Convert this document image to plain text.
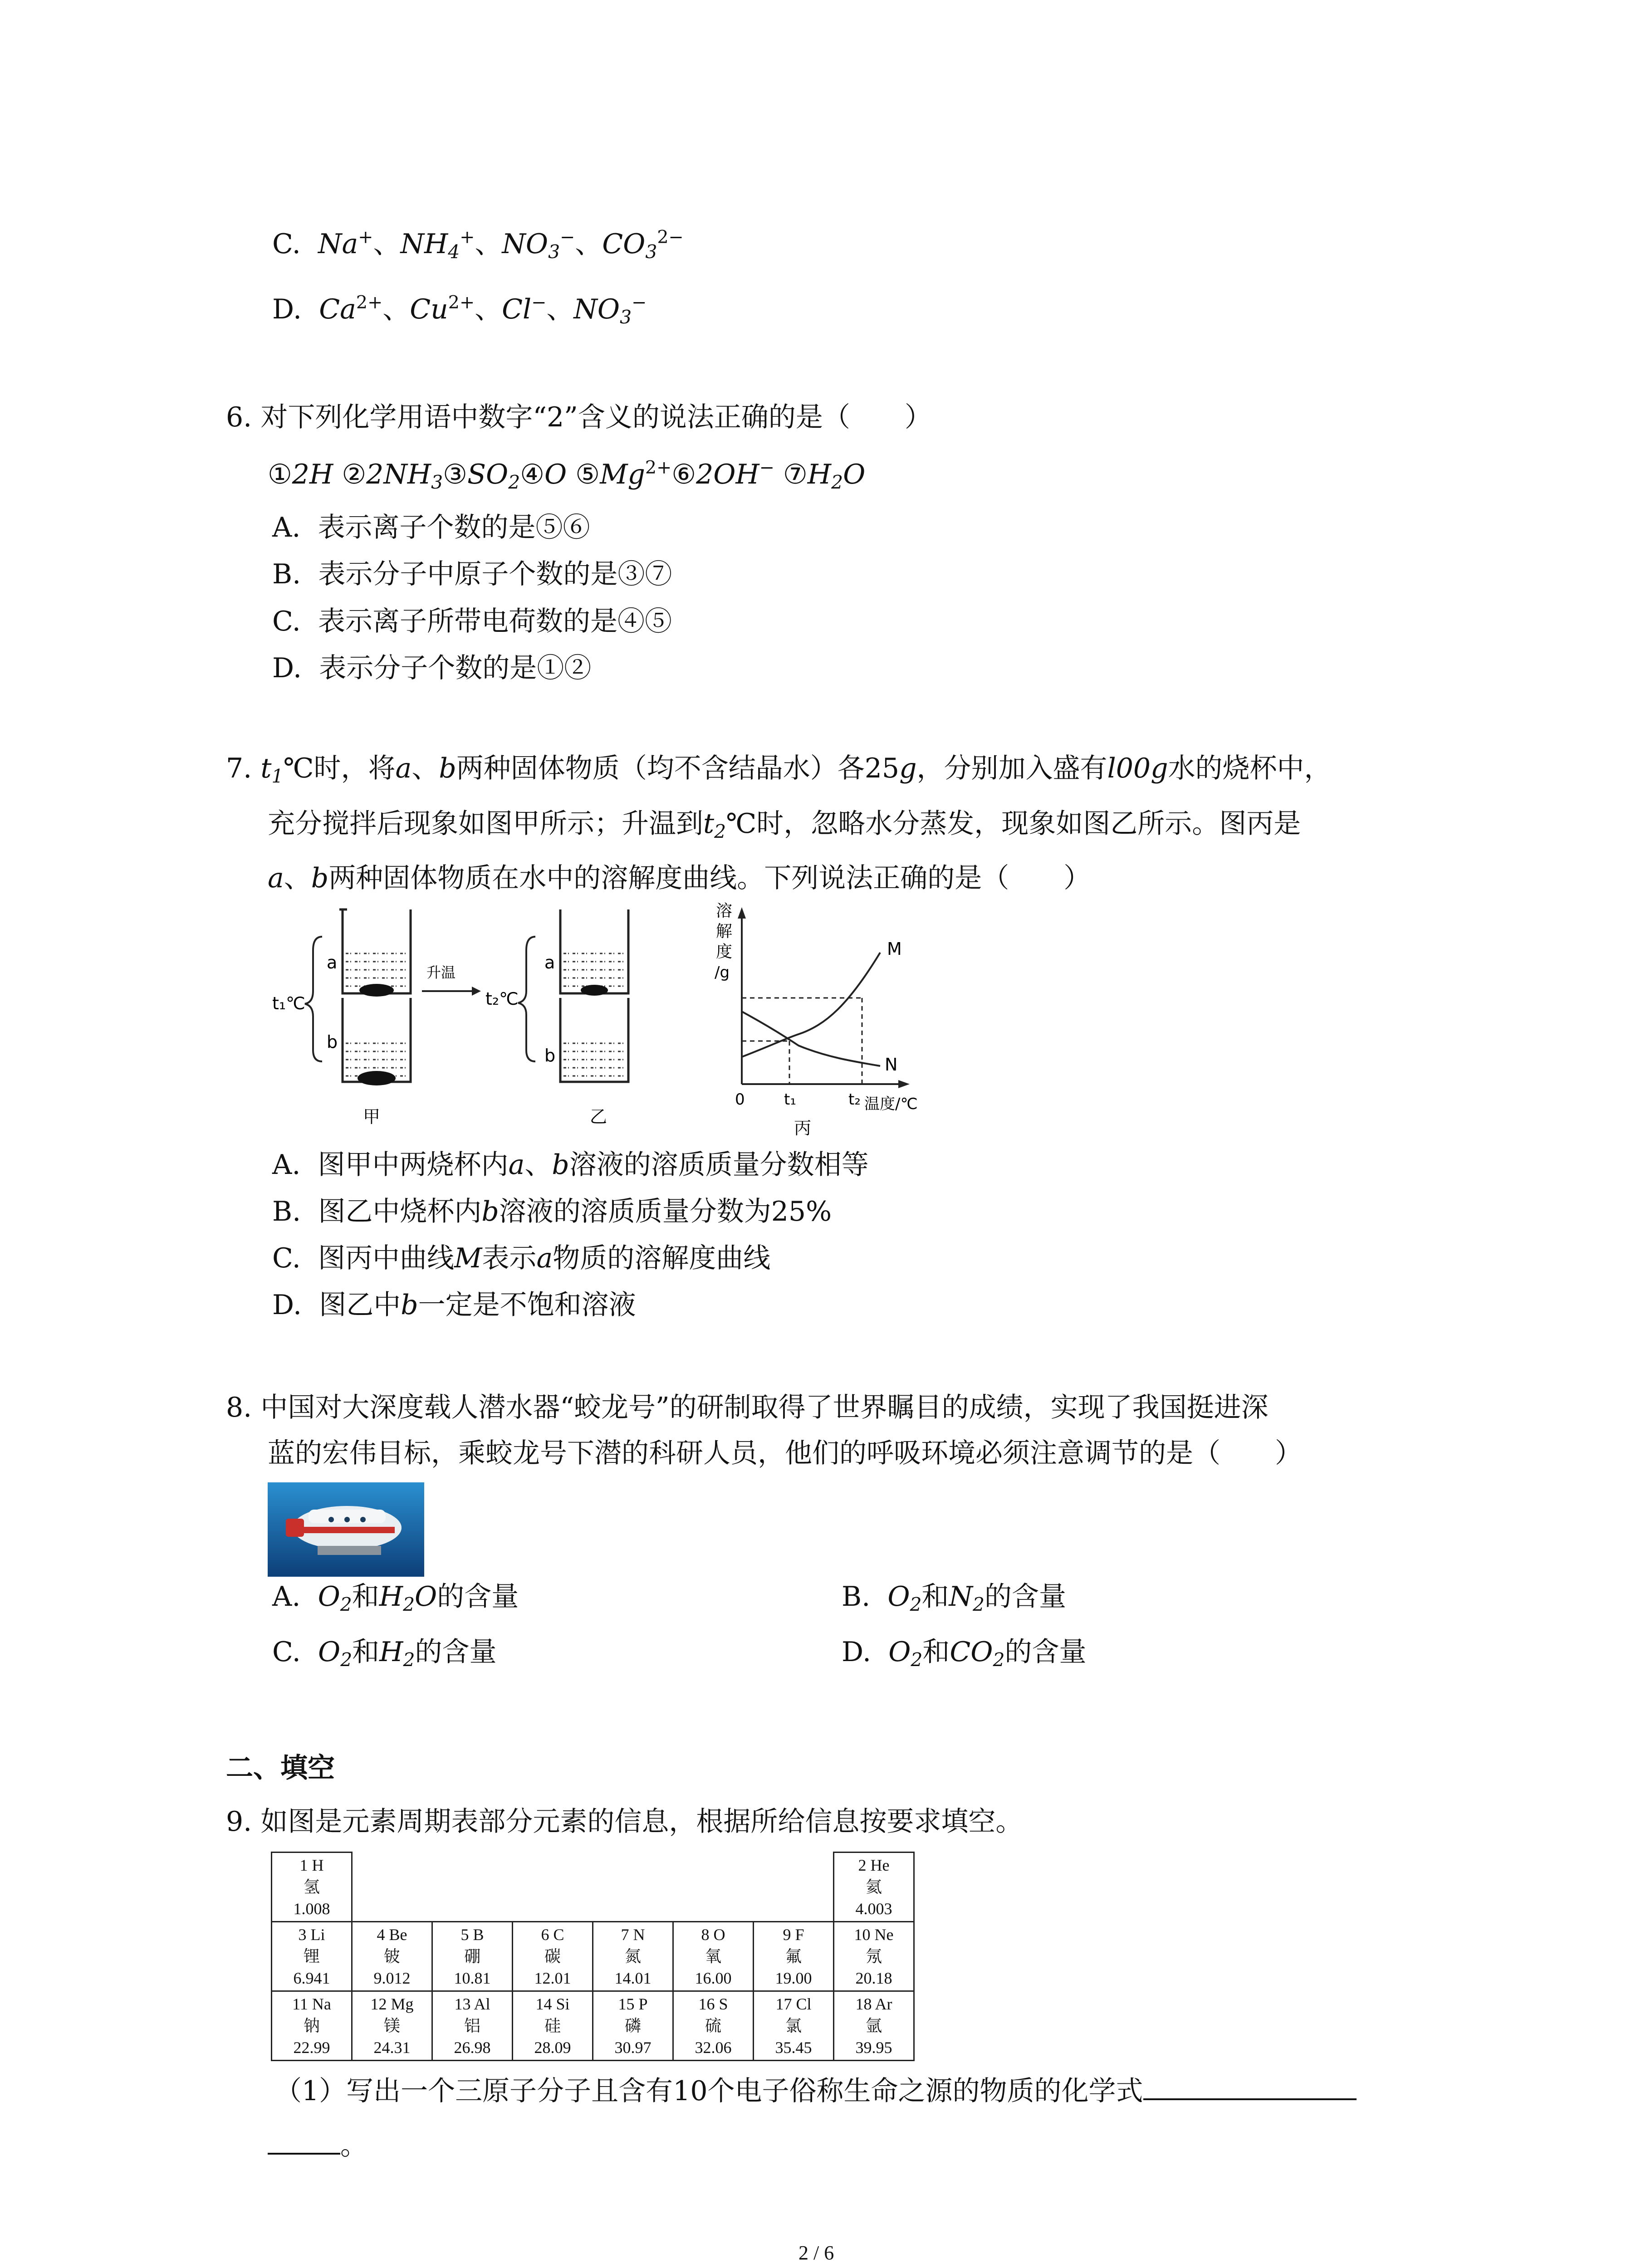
C. Na+、$NH_4^+$、$NO_3^-$、$CO_3^{2-}$
D. $Ca^{2+}$、$Cu^{2+}$、Cl−、$NO_3^-$
6. 对下列化学用语中数字“2”含义的说法正确的是（　　）
①2H $②2NH_3③SO_2④O$ $⑤Mg^{2+}⑥2OH^-$ $⑦H_2O$
A. 表示离子个数的是⑤⑥
B. 表示分子中原子个数的是③⑦
C. 表示离子所带电荷数的是④⑤
D. 表示分子个数的是①②
7. $t_1℃$时，将a、b两种固体物质（均不含结晶水）各25g，分别加入盛有l00g水的烧杯中，
充分搅拌后现象如图甲所示；升温到$t_2℃$时，忽略水分蒸发，现象如图乙所示。图丙是
a、b两种固体物质在水中的溶解度曲线。下列说法正确的是（　　）
t₁℃
a
b
甲
升温
t₂℃
a
b
乙
溶
解
度
/g
M
N
0	t₁	t₂ 温度/℃
丙
A. 图甲中两烧杯内a、b溶液的溶质质量分数相等
B. 图乙中烧杯内b溶液的溶质质量分数为25%
C. 图丙中曲线M表示a物质的溶解度曲线
D. 图乙中b一定是不饱和溶液
8. 中国对大深度载人潜水器“蛟龙号”的研制取得了世界瞩目的成绩，实现了我国挺进深
蓝的宏伟目标，乘蛟龙号下潜的科研人员，他们的呼吸环境必须注意调节的是（　　）
A. $O_2$和$H_2O$的含量	B. $O_2$和$N_2$的含量
C. $O_2$和$H_2$的含量	D. $O_2$和$CO_2$的含量
二、填空
9. 如图是元素周期表部分元素的信息，根据所给信息按要求填空。
1 H
氢
1.008							2 He
氦
4.003
3 Li
锂
6.941	4 Be
铍
9.012	5 B
硼
10.81	6 C
碳
12.01	7 N
氮
14.01	8 O
氧
16.00	9 F
氟
19.00	10 Ne
氖
20.18
11 Na
钠
22.99	12 Mg
镁
24.31	13 Al
铝
26.98	14 Si
硅
28.09	15 P
磷
30.97	16 S
硫
32.06	17 Cl
氯
35.45	18 Ar
氩
39.95
（1）写出一个三原子分子且含有10个电子俗称生命之源的物质的化学式
。
2 / 6
